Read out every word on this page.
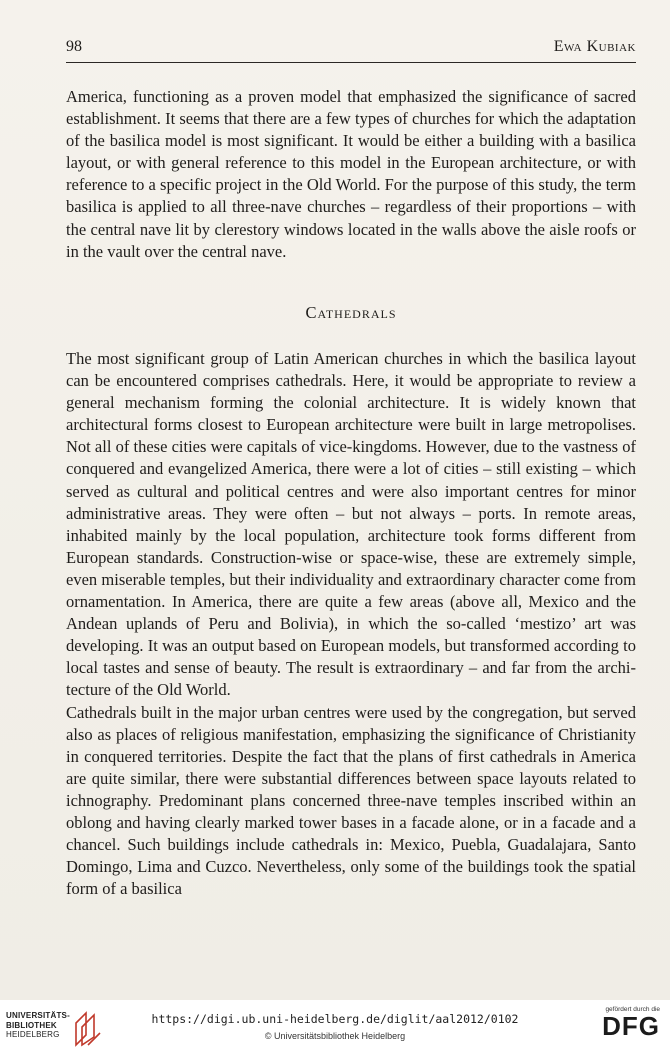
98	Ewa Kubiak

America, functioning as a proven model that emphasized the significance of sacred establishment. It seems that there are a few types of churches for which the adaptation of the basilica model is most significant. It would be either a building with a basilica layout, or with general reference to this model in the European architecture, or with reference to a specific project in the Old World. For the purpose of this study, the term basilica is applied to all three-nave churches – regardless of their proportions – with the central nave lit by clerestory windows located in the walls above the aisle roofs or in the vault over the central nave.

Cathedrals

The most significant group of Latin American churches in which the basilica layout can be encountered comprises cathedrals. Here, it would be appropriate to review a general mechanism forming the colonial architecture. It is widely known that architectural forms closest to European architecture were built in large metropolises. Not all of these cities were capitals of vice-kingdoms. However, due to the vastness of conquered and evangelized America, there were a lot of cities – still existing – which served as cultural and political centres and were also important centres for minor administrative areas. They were often – but not always – ports. In remote areas, inhabited mainly by the local population, architecture took forms different from European standards. Construction-wise or space-wise, these are extremely simple, even miserable temples, but their individuality and extraordinary character come from ornamentation. In America, there are quite a few areas (above all, Mexico and the Andean uplands of Peru and Bolivia), in which the so-called ‘mestizo’ art was developing. It was an output based on European models, but transformed according to local tastes and sense of beauty. The result is extraordinary – and far from the architecture of the Old World.

Cathedrals built in the major urban centres were used by the congregation, but served also as places of religious manifestation, emphasizing the significance of Christianity in conquered territories. Despite the fact that the plans of first cathedrals in America are quite similar, there were substantial differences between space layouts related to ichnography. Predominant plans concerned three-nave temples inscribed within an oblong and having clearly marked tower bases in a facade alone, or in a facade and a chancel. Such buildings include cathedrals in: Mexico, Puebla, Guadalajara, Santo Domingo, Lima and Cuzco. Nevertheless, only some of the buildings took the spatial form of a basilica

UNIVERSITÄTS-
BIBLIOTHEK
HEIDELBERG
https://digi.ub.uni-heidelberg.de/diglit/aal2012/0102
© Universitätsbibliothek Heidelberg
gefördert durch die
DFG
